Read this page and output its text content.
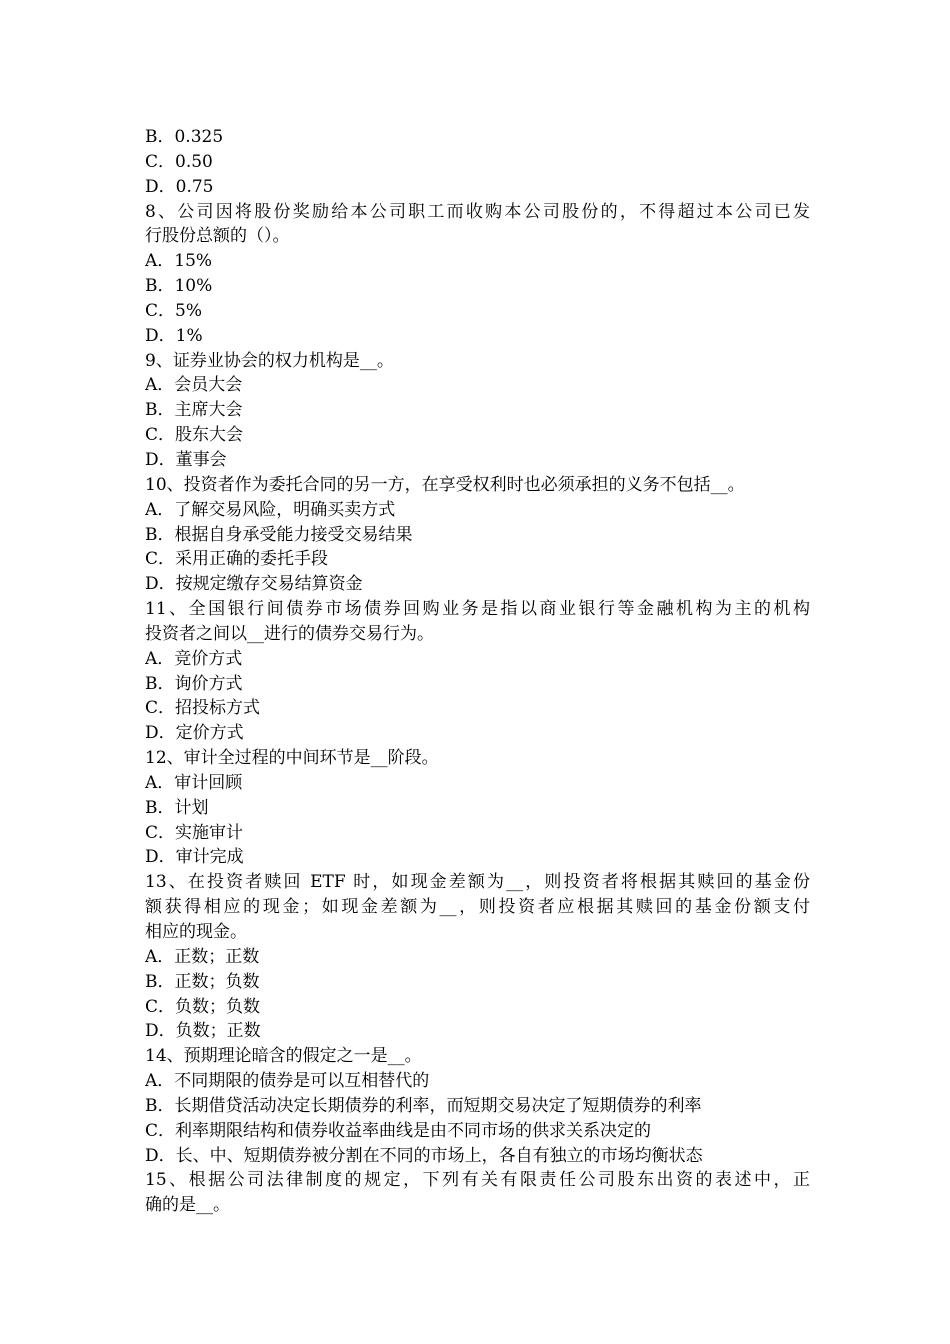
B．0.325
C．0.50
D．0.75
8、公司因将股份奖励给本公司职工而收购本公司股份的，不得超过本公司已发
行股份总额的（）。
A．15%
B．10%
C．5%
D．1%
9、证券业协会的权力机构是__。
A．会员大会
B．主席大会
C．股东大会
D．董事会
10、投资者作为委托合同的另一方，在享受权利时也必须承担的义务不包括__。
A．了解交易风险，明确买卖方式
B．根据自身承受能力接受交易结果
C．采用正确的委托手段
D．按规定缴存交易结算资金
11、全国银行间债券市场债券回购业务是指以商业银行等金融机构为主的机构
投资者之间以__进行的债券交易行为。
A．竞价方式
B．询价方式
C．招投标方式
D．定价方式
12、审计全过程的中间环节是__阶段。
A．审计回顾
B．计划
C．实施审计
D．审计完成
13、在投资者赎回 ETF 时，如现金差额为__，则投资者将根据其赎回的基金份
额获得相应的现金；如现金差额为__，则投资者应根据其赎回的基金份额支付
相应的现金。
A．正数；正数
B．正数；负数
C．负数；负数
D．负数；正数
14、预期理论暗含的假定之一是__。
A．不同期限的债券是可以互相替代的
B．长期借贷活动决定长期债券的利率，而短期交易决定了短期债券的利率
C．利率期限结构和债券收益率曲线是由不同市场的供求关系决定的
D．长、中、短期债券被分割在不同的市场上，各自有独立的市场均衡状态
15、根据公司法律制度的规定，下列有关有限责任公司股东出资的表述中，正
确的是__。
